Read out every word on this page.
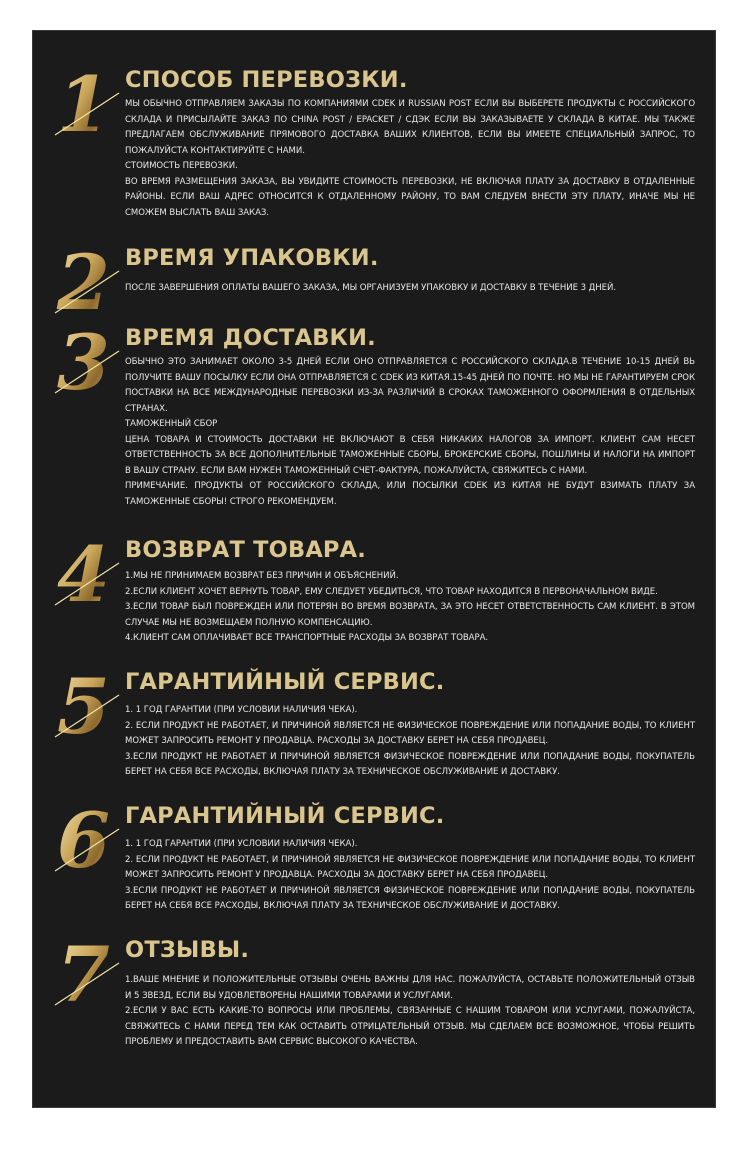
1 СПОСОБ ПЕРЕВОЗКИ.

МЫ ОБЫЧНО ОТПРАВЛЯЕМ ЗАКАЗЫ ПО КОМПАНИЯМИ CDEK И RUSSIAN POST ЕСЛИ ВЫ ВЫБЕРЕТЕ ПРОДУКТЫ С РОССИЙСКОГО СКЛАДА И ПРИСЫЛАЙТЕ ЗАКАЗ ПО CHINA POST / EPACKET / СДЭК ЕСЛИ ВЫ ЗАКАЗЫВАЕТЕ У СКЛАДА В КИТАЕ. МЫ ТАКЖЕ ПРЕДЛАГАЕМ ОБСЛУЖИВАНИЕ ПРЯМОВОГО ДОСТАВКА ВАШИХ КЛИЕНТОВ, ЕСЛИ ВЫ ИМЕЕТЕ СПЕЦИАЛЬНЫЙ ЗАПРОС, ТО ПОЖАЛУЙСТА КОНТАКТИРУЙТЕ С НАМИ.

СТОИМОСТЬ ПЕРЕВОЗКИ.

ВО ВРЕМЯ РАЗМЕЩЕНИЯ ЗАКАЗА, ВЫ УВИДИТЕ СТОИМОСТЬ ПЕРЕВОЗКИ, НЕ ВКЛЮЧАЯ ПЛАТУ ЗА ДОСТАВКУ В ОТДАЛЕННЫЕ РАЙОНЫ. ЕСЛИ ВАШ АДРЕС ОТНОСИТСЯ К ОТДАЛЕННОМУ РАЙОНУ, ТО ВАМ СЛЕДУЕМ ВНЕСТИ ЭТУ ПЛАТУ, ИНАЧЕ МЫ НЕ СМОЖЕМ ВЫСЛАТЬ ВАШ ЗАКАЗ.

2 ВРЕМЯ УПАКОВКИ.

ПОСЛЕ ЗАВЕРШЕНИЯ ОПЛАТЫ ВАШЕГО ЗАКАЗА, МЫ ОРГАНИЗУЕМ УПАКОВКУ И ДОСТАВКУ В ТЕЧЕНИЕ 3 ДНЕЙ.

3 ВРЕМЯ ДОСТАВКИ.

ОБЫЧНО ЭТО ЗАНИМАЕТ ОКОЛО 3-5 ДНЕЙ ЕСЛИ ОНО ОТПРАВЛЯЕТСЯ С РОССИЙСКОГО СКЛАДА.В ТЕЧЕНИЕ 10-15 ДНЕЙ ВЬ ПОЛУЧИТЕ ВАШУ ПОСЫЛКУ ЕСЛИ ОНА ОТПРАВЛЯЕТСЯ С CDEK ИЗ КИТАЯ.15-45 ДНЕЙ ПО ПОЧТЕ. НО МЫ НЕ ГАРАНТИРУЕМ СРОК ПОСТАВКИ НА ВСЕ МЕЖДУНАРОДНЫЕ ПЕРЕВОЗКИ ИЗ-ЗА РАЗЛИЧИЙ В СРОКАХ ТАМОЖЕННОГО ОФОРМЛЕНИЯ В ОТДЕЛЬНЫХ СТРАНАХ.

ТАМОЖЕННЫЙ СБОР

ЦЕНА ТОВАРА И СТОИМОСТЬ ДОСТАВКИ НЕ ВКЛЮЧАЮТ В СЕБЯ НИКАКИХ НАЛОГОВ ЗА ИМПОРТ. КЛИЕНТ САМ НЕСЕТ ОТВЕТСТВЕННОСТЬ ЗА ВСЕ ДОПОЛНИТЕЛЬНЫЕ ТАМОЖЕННЫЕ СБОРЫ, БРОКЕРСКИЕ СБОРЫ, ПОШЛИНЫ И НАЛОГИ НА ИМПОРТ В ВАШУ СТРАНУ. ЕСЛИ ВАМ НУЖЕН ТАМОЖЕННЫЙ СЧЕТ-ФАКТУРА, ПОЖАЛУЙСТА, СВЯЖИТЕСЬ С НАМИ.

ПРИМЕЧАНИЕ. ПРОДУКТЫ ОТ РОССИЙСКОГО СКЛАДА, ИЛИ ПОСЫЛКИ CDEK ИЗ КИТАЯ НЕ БУДУТ ВЗИМАТЬ ПЛАТУ ЗА ТАМОЖЕННЫЕ СБОРЫ! СТРОГО РЕКОМЕНДУЕМ.

4 ВОЗВРАТ ТОВАРА.

1.МЫ НЕ ПРИНИМАЕМ ВОЗВРАТ БЕЗ ПРИЧИН И ОБЪЯСНЕНИЙ.

2.ЕСЛИ КЛИЕНТ ХОЧЕТ ВЕРНУТЬ ТОВАР, ЕМУ СЛЕДУЕТ УБЕДИТЬСЯ, ЧТО ТОВАР НАХОДИТСЯ В ПЕРВОНАЧАЛЬНОМ ВИДЕ.

3.ЕСЛИ ТОВАР БЫЛ ПОВРЕЖДЕН ИЛИ ПОТЕРЯН ВО ВРЕМЯ ВОЗВРАТА, ЗА ЭТО НЕСЕТ ОТВЕТСТВЕННОСТЬ САМ КЛИЕНТ. В ЭТОМ СЛУЧАЕ МЫ НЕ ВОЗМЕЩАЕМ ПОЛНУЮ КОМПЕНСАЦИЮ.

4.КЛИЕНТ САМ ОПЛАЧИВАЕТ ВСЕ ТРАНСПОРТНЫЕ РАСХОДЫ ЗА ВОЗВРАТ ТОВАРА.

5 ГАРАНТИЙНЫЙ СЕРВИС.

1. 1 ГОД ГАРАНТИИ (ПРИ УСЛОВИИ НАЛИЧИЯ ЧЕКА).

2. ЕСЛИ ПРОДУКТ НЕ РАБОТАЕТ, И ПРИЧИНОЙ ЯВЛЯЕТСЯ НЕ ФИЗИЧЕСКОЕ ПОВРЕЖДЕНИЕ ИЛИ ПОПАДАНИЕ ВОДЫ, ТО КЛИЕНТ МОЖЕТ ЗАПРОСИТЬ РЕМОНТ У ПРОДАВЦА. РАСХОДЫ ЗА ДОСТАВКУ БЕРЕТ НА СЕБЯ ПРОДАВЕЦ.

3.ЕСЛИ ПРОДУКТ НЕ РАБОТАЕТ И ПРИЧИНОЙ ЯВЛЯЕТСЯ ФИЗИЧЕСКОЕ ПОВРЕЖДЕНИЕ ИЛИ ПОПАДАНИЕ ВОДЫ, ПОКУПАТЕЛЬ БЕРЕТ НА СЕБЯ ВСЕ РАСХОДЫ, ВКЛЮЧАЯ ПЛАТУ ЗА ТЕХНИЧЕСКОЕ ОБСЛУЖИВАНИЕ И ДОСТАВКУ.

6 ГАРАНТИЙНЫЙ СЕРВИС.

1. 1 ГОД ГАРАНТИИ (ПРИ УСЛОВИИ НАЛИЧИЯ ЧЕКА).

2. ЕСЛИ ПРОДУКТ НЕ РАБОТАЕТ, И ПРИЧИНОЙ ЯВЛЯЕТСЯ НЕ ФИЗИЧЕСКОЕ ПОВРЕЖДЕНИЕ ИЛИ ПОПАДАНИЕ ВОДЫ, ТО КЛИЕНТ МОЖЕТ ЗАПРОСИТЬ РЕМОНТ У ПРОДАВЦА. РАСХОДЫ ЗА ДОСТАВКУ БЕРЕТ НА СЕБЯ ПРОДАВЕЦ.

3.ЕСЛИ ПРОДУКТ НЕ РАБОТАЕТ И ПРИЧИНОЙ ЯВЛЯЕТСЯ ФИЗИЧЕСКОЕ ПОВРЕЖДЕНИЕ ИЛИ ПОПАДАНИЕ ВОДЫ, ПОКУПАТЕЛЬ БЕРЕТ НА СЕБЯ ВСЕ РАСХОДЫ, ВКЛЮЧАЯ ПЛАТУ ЗА ТЕХНИЧЕСКОЕ ОБСЛУЖИВАНИЕ И ДОСТАВКУ.

7 ОТЗЫВЫ.

1.ВАШЕ МНЕНИЕ И ПОЛОЖИТЕЛЬНЫЕ ОТЗЫВЫ ОЧЕНЬ ВАЖНЫ ДЛЯ НАС. ПОЖАЛУЙСТА, ОСТАВЬТЕ ПОЛОЖИТЕЛЬНЫЙ ОТЗЫВ И 5 ЗВЕЗД, ЕСЛИ ВЫ УДОВЛЕТВОРЕНЫ НАШИМИ ТОВАРАМИ И УСЛУГАМИ.

2.ЕСЛИ У ВАС ЕСТЬ КАКИЕ-ТО ВОПРОСЫ ИЛИ ПРОБЛЕМЫ, СВЯЗАННЫЕ С НАШИМ ТОВАРОМ ИЛИ УСЛУГАМИ, ПОЖАЛУЙСТА, СВЯЖИТЕСЬ С НАМИ ПЕРЕД ТЕМ КАК ОСТАВИТЬ ОТРИЦАТЕЛЬНЫЙ ОТЗЫВ. МЫ СДЕЛАЕМ ВСЕ ВОЗМОЖНОЕ, ЧТОБЫ РЕШИТЬ ПРОБЛЕМУ И ПРЕДОСТАВИТЬ ВАМ СЕРВИС ВЫСОКОГО КАЧЕСТВА.
